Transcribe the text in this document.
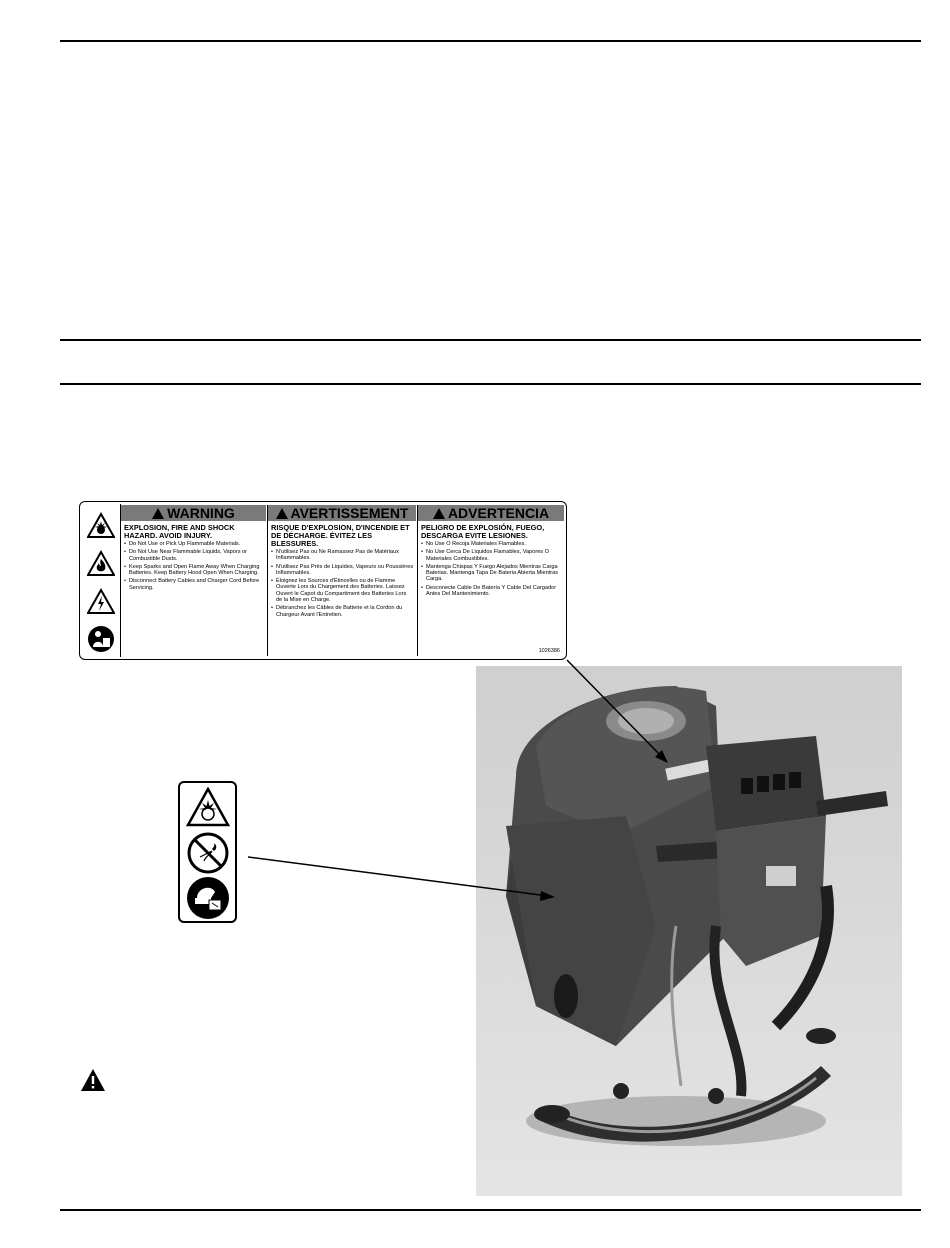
WARNING
EXPLOSION, FIRE AND SHOCK HAZARD. AVOID INJURY.
• Do Not Use or Pick Up Flammable Materials.
• Do Not Use Near Flammable Liquids, Vapors or Combustible Dusts.
• Keep Sparks and Open Flame Away When Charging Batteries. Keep Battery Hood Open When Charging.
• Disconnect Battery Cables and Charger Cord Before Servicing.
AVERTISSEMENT
RISQUE D'EXPLOSION, D'INCENDIE ET DE DÉCHARGE. ÉVITEZ LES BLESSURES.
• N'utilisez Pas ou Ne Ramassez Pas de Matériaux Inflammables.
• N'utilisez Pas Près de Liquides, Vapeurs ou Poussières Inflammables.
• Éloignez les Sources d'Étincelles ou de Flamme Ouverte Lors du Chargement des Batteries. Laissez Ouvert le Capot du Compartiment des Batteries Lors de la Mise en Charge.
• Débranchez les Câbles de Batterie et la Cordon du Chargeur Avant l'Entretien.
ADVERTENCIA
PELIGRO DE EXPLOSIÓN, FUEGO, DESCARGA EVITE LESIONES.
• No Use O Recoja Materiales Flamables.
• No Use Cerca De Liquidos Flamables, Vapores O Materiales Combustibles.
• Mantenga Chispas Y Fuego Alejados Mientras Carga Baterias. Mantenga Tapa De Bateria Abierta Mientras Carga.
• Desconecte Cable De Batería Y Cable Del Cargador Antes Del Mantenimiento.
1026386
